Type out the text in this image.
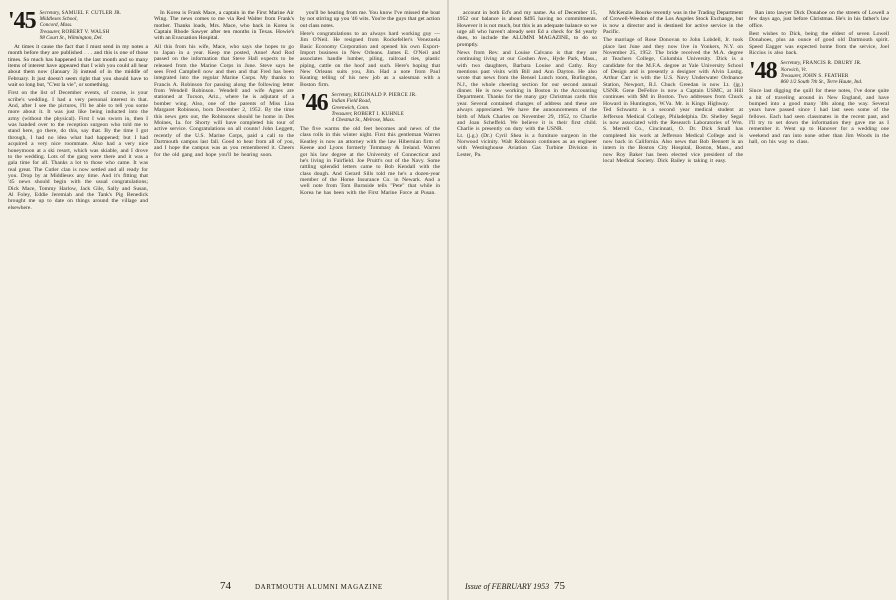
'45 Secretary, SAMUEL F. CUTLER JR.
Middlesex School,
Concord, Mass.
Treasurer, ROBERT V. WALSH
98 Court St., Wilmington, Del.

At times it cause the fact that I must send in my notes a month before they are published . . . and this is one of those times. So much has happened in the last month and so many items of interest have appeared that I wish you could all hear about them now (January 3) instead of in the middle of February. It just doesn't seem right that you should have to wait so long but, "C'est la vie", or something.

First on the list of December events, of course, is your scribe's wedding. I had a very personal interest in that. And, after I see the pictures, I'll be able to tell you some more about it. It was just like being inducted into the army (without the physical). First I was sworn in, then I was handed over to the reception surgeon who told me to stand here, go there, do this, say that. By the time I got through, I had no idea what had happened; but I had acquired a very nice roommate. Also had a very nice honeymoon at a ski resort, which was skiable, and I drove to the wedding. Lots of the gang were there and it was a gala time for all. Thanks a lot to those who came. It was real great. The Cutler clan is now settled and all ready for you. Drop by at Middlesex any time. And it's fitting that '45 news should begin with the usual congratulations; Dick Mace, Tommy Harlow, Jack Gile, Sally and Susan, Al Foley, Eddie Jeremiah and the Tank's Pig Benedick brought me up to date on things around the village and elsewhere.

In Korea is Frank Mace, a captain in the First Marine Air Wing. The news comes to me via Red Walter from Frank's mother. Thanks loads, Mrs. Mace, who back in Korea is Captain Rhode Sawyer after ten months in Texas. Howie's with an Evacuation Hospital.

All this from his wife, Mace, who says she hopes to go to Japan in a year. Keep me posted, Anne! And Rod passed on the information that Steve Hall expects to be released from the Marine Corps in June. Steve says he sees Fred Campbell now and then and that Fred has been integrated into the regular Marine Corps. My thanks to Francis A. Robinson for passing along the following letter from Wendell Robinson. Wendell and wife Agnes are stationed at Tucson, Ariz., where he is adjutant of a bomber wing. Also, one of the parents of Miss Lisa Margaret Robinson, born December 2, 1952. By the time this news gets out, the Robinsons should be home in Des Moines, Ia. for Shorty will have completed his tour of active service. Congratulations on all counts! John Leggett, recently of the U.S. Marine Corps, paid a call to the Dartmouth campus last fall. Good to hear from all of you, and I hope the campus was as you remembered it. Cheers for the old gang and hope you'll be hearing soon.

you'll be hearing from me. You know I've missed the boat by not stirring up you '46 wits. You're the guys that get action out class notes.

Here's congratulations to an always hard working guy — Jim O'Neil. He resigned from Rockefeller's Venezuela Basic Economy Corporation and opened his own Export-Import business in New Orleans. James E. O'Neil and associates handle lumber, piling, railroad ties, plastic piping, cattle on the hoof and such. Here's hoping that New Orleans suits you, Jim. Had a note from Paul Keating telling of his new job as a salesman with a Boston firm.

'46 Secretary, REGINALD P. PIERCE JR.
Indian Field Road,
Greenwich, Conn.
Treasurer, ROBERT I. KUHNLE
4 Chestnut St., Melrose, Mass.

The five warms the old feet becomes and news of the class rolls in this winter night. First this gentleman Warren Keatley is now an attorney with the law Hibernian firm of Keene and Lyons formerly Tommasy & Ireland. Warren got his law degree at the University of Connecticut and he's living in Fairfield. Joe Pruitt's out of the Navy. Some rattling splendid letters came to Bob Kendall with the class dough. And Gerard Sills told me he's a dozen-year member of the Home Insurance Co. in Newark. And a well note from Tom Burnside tells "Pete" that while in Korea he has been with the First Marine Force at Pusan.

74	DARTMOUTH ALUMNI MAGAZINE

account in both Ed's and my name. As of December 15, 1952 our balance is about $495 having no commitments. However it is not much, but this is an adequate balance so we urge all who haven't already sent Ed a check for $4 yearly dues, to include the ALUMNI MAGAZINE, to do so promptly.

News from Rev. and Louise Calvano is that they are continuing living at our Goshen Ave., Hyde Park, Mass., with two daughters, Barbara Louise and Cathy. Roy mentions past visits with Bill and Ann Dayton. He also wrote that news from the Bensel Lunch room, Burlington, N.J., the whole cheering section for our second annual dinner. He is now working in Boston in the Accounting Department. Thanks for the many gay Christmas cards this year. Several contained changes of address and these are always appreciated. We have the announcements of the birth of Mark Charles on November 29, 1952, to Charlie and Joan Scheffeld. We believe it is their first child. Charlie is presently on duty with the USNR.

Lt. (j.g.) (Dr.) Cyril Shea is a furniture surgeon in the Norwood vicinity. Walt Robinson continues as an engineer with Westinghouse Aviation Gas Turbine Division in Lester, Pa.

McKenzie. Bourke recently was in the Trading Department of Crowell-Weedon of the Los Angeles Stock Exchange, but is now a director and is destined for active service in the Pacific.

The marriage of Rose Donovan to John Lobdell, Jr. took place last June and they now live in Yonkers, N.Y. on November 25, 1952. The bride received the M.A. degree at Teachers College, Columbia University. Dick is a candidate for the M.F.A. degree at Yale University School of Design and is presently a designer with Alvin Lustig. Arthur Carr is with the U.S. Navy Underwater Ordnance Station, Newport, R.I. Chuck Greedan is now Lt. (jg.) USNR. Gene DeFelice is now a Captain USMC, at Hill continues with $M in Boston. Two addresses from Chuck Howard in Huntington, W.Va. Mr. is Kings Highway.

Ted Schwartz is a second year medical student at Jefferson Medical College, Philadelphia. Dr. Shelley Segal is now associated with the Research Laboratories of Wm. S. Merrell Co., Cincinnati, O. Dr. Dick Small has completed his work at Jefferson Medical College and is now back in California. Also news that Bob Bennett is an intern in the Boston City Hospital, Boston, Mass., and now Roy Baker has been elected vice president of the local Medical Society. Dick Bailey is taking it easy.

Ran into lawyer Dick Donahoe on the streets of Lowell a few days ago, just before Christmas. He's in his father's law office.

Best wishes to Dick, being the eldest of seven Lowell Donahoes, plus an ounce of good old Dartmouth spirit. Speed Eagger was expected home from the service, Joel Riccius is also back.

'48 Secretary, FRANCIS R. DRURY JR.
Norwich, Vt.
Treasurer, JOHN S. FEATHER
860 1/2 South 7th St., Terre Haute, Ind.

Since last digging the quill for these notes, I've done quite a bit of traveling around in New England, and have bumped into a good many '48s along the way. Several years have passed since I had last seen some of the fellows. Each had seen classmates in the recent past, and I'll try to set down the information they gave me as I remember it. Went up to Hanover for a wedding one weekend and ran into none other than Jim Woods in the hall, on his way to class.

Issue of FEBRUARY 1953 75
